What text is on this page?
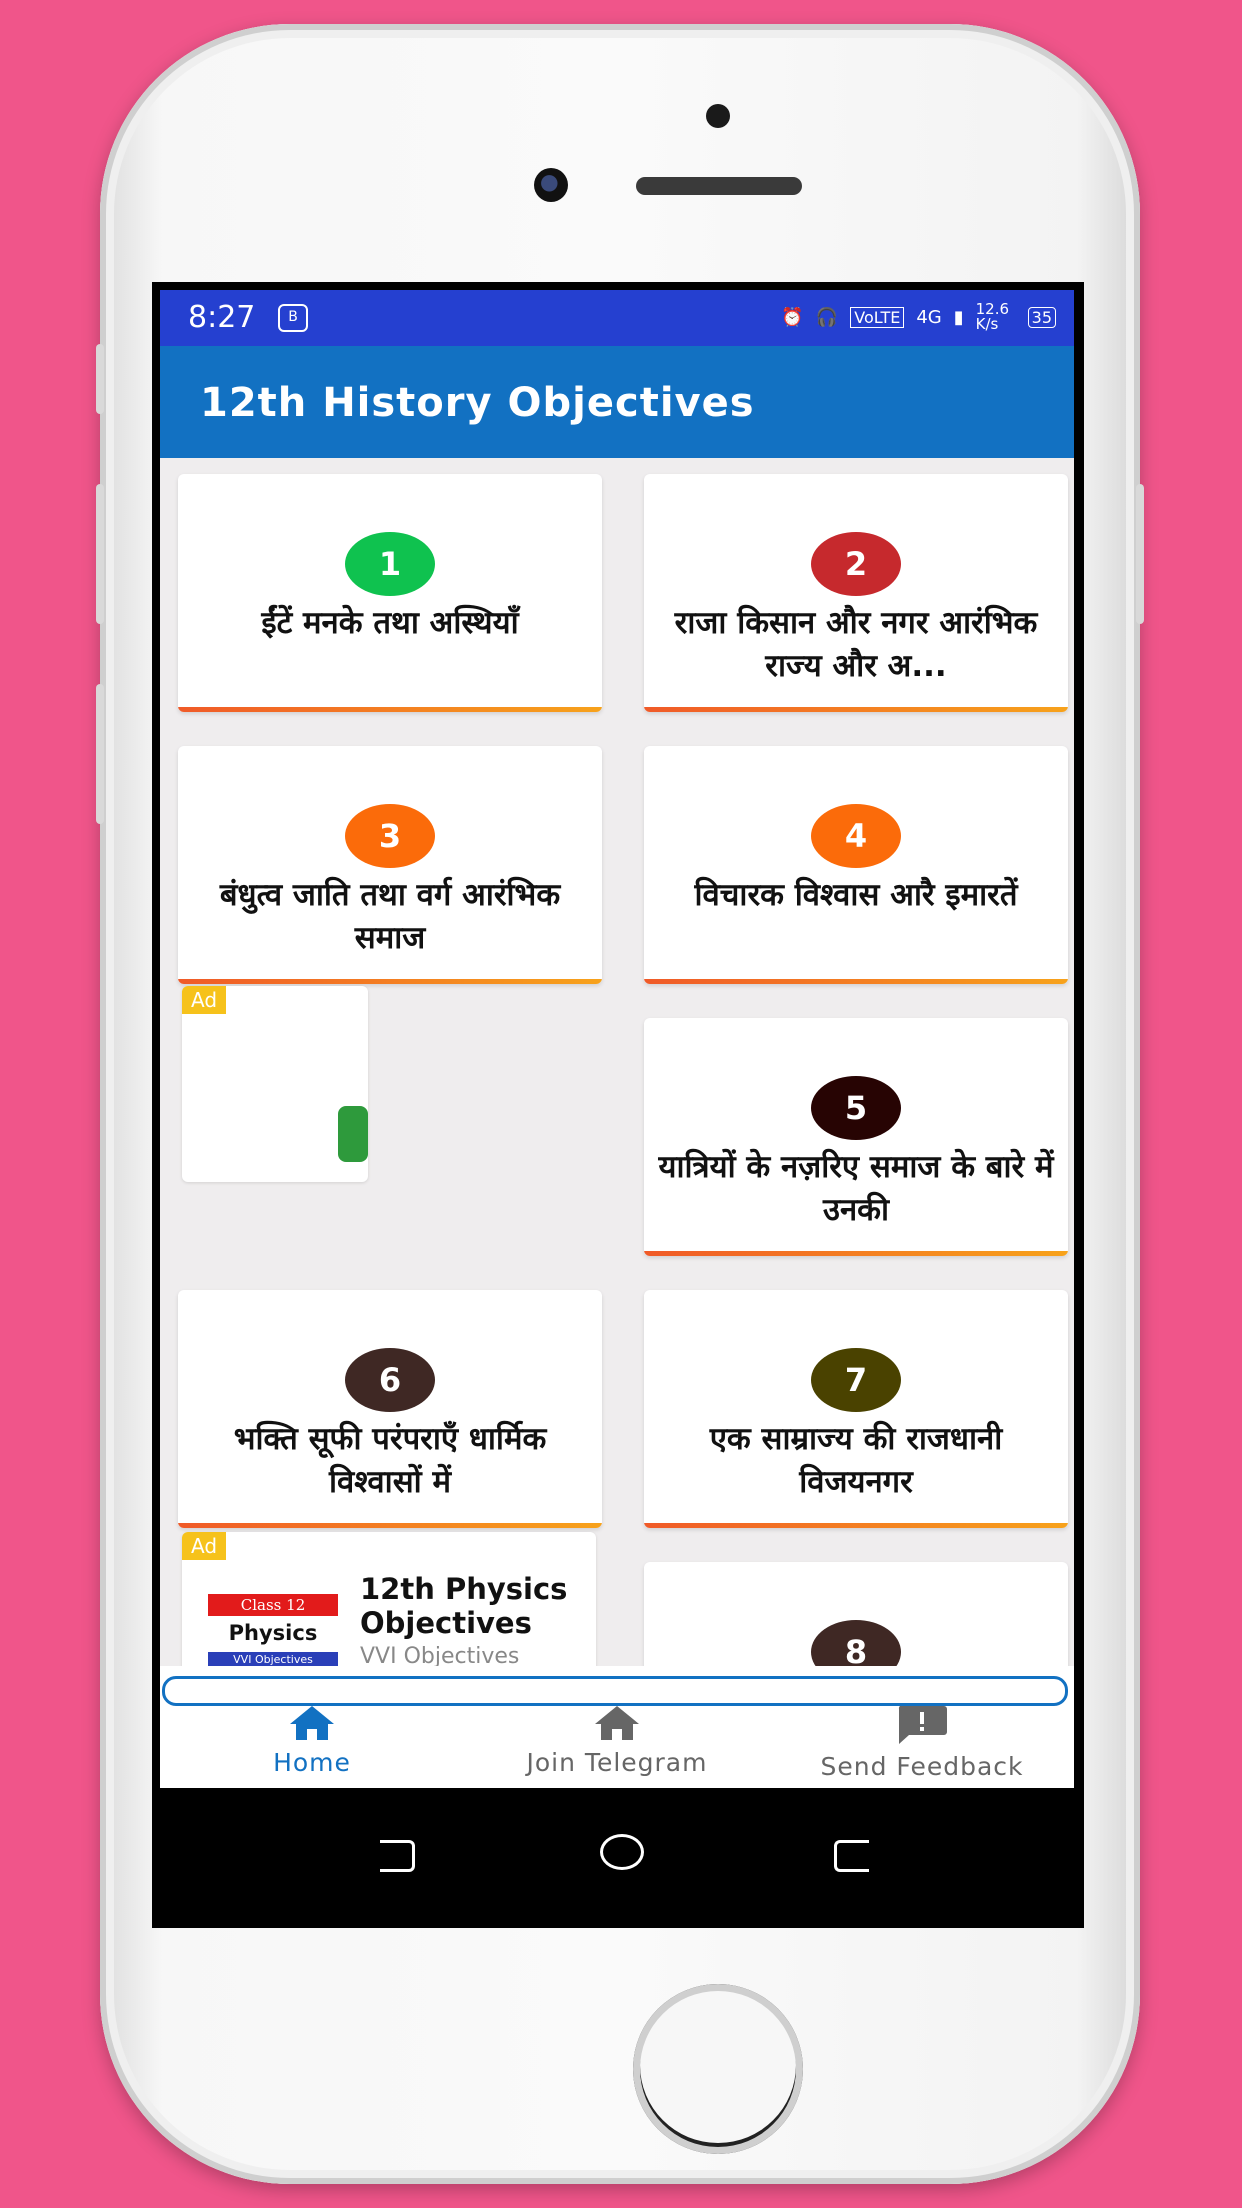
8:27	B	⏰ 🎧 VoLTE 4G ▮ 12.6 K/s	35
12th History Objectives
1
ईंटें मनके तथा अस्थियाँ
2
राजा किसान और नगर आरंभिक राज्य और अ...
3
बंधुत्व जाति तथा वर्ग आरंभिक समाज
4
विचारक विश्वास आरै इमारतें
Ad
5
यात्रियों के नज़रिए समाज के बारे में उनकी
6
भक्ति सूफी परंपराएँ धार्मिक विश्वासों में
7
एक साम्राज्य की राजधानी विजयनगर
Ad
Class 12
Physics
VVI Objectives
12th Physics Objectives
VVI Objectives	8
Home	Join Telegram	Send Feedback
